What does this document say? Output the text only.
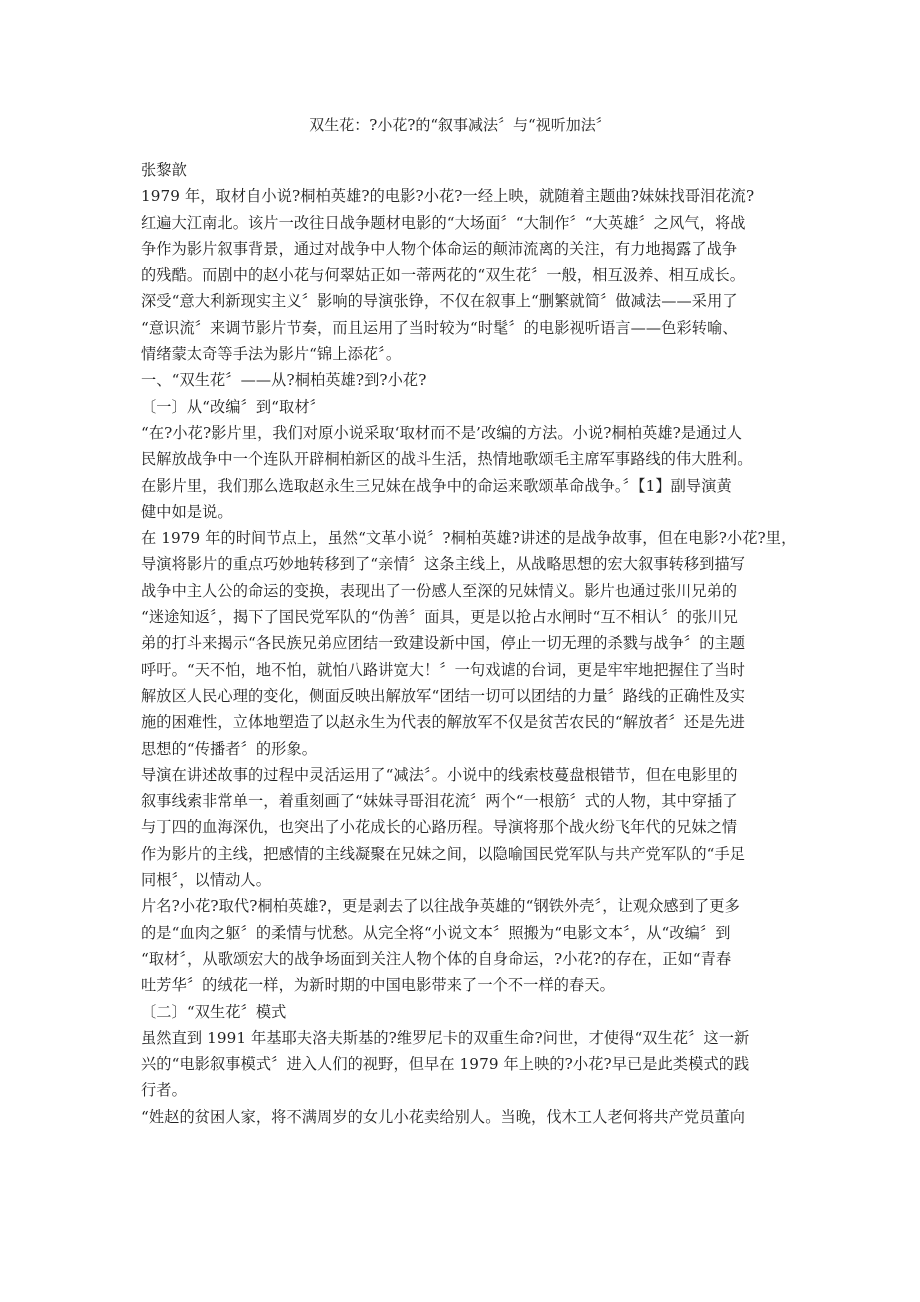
双生花：?小花?的“叙事减法〞与“视听加法〞
张黎歆
1979 年，取材自小说?桐柏英雄?的电影?小花?一经上映，就随着主题曲?妹妹找哥泪花流?
红遍大江南北。该片一改往日战争题材电影的“大场面〞“大制作〞“大英雄〞之风气，将战
争作为影片叙事背景，通过对战争中人物个体命运的颠沛流离的关注，有力地揭露了战争
的残酷。而剧中的赵小花与何翠姑正如一蒂两花的“双生花〞一般，相互汲养、相互成长。
深受“意大利新现实主义〞影响的导演张铮，不仅在叙事上“删繁就简〞做减法——采用了
“意识流〞来调节影片节奏，而且运用了当时较为“时髦〞的电影视听语言——色彩转喻、
情绪蒙太奇等手法为影片“锦上添花〞。
一、“双生花〞——从?桐柏英雄?到?小花?
〔一〕从“改编〞到“取材〞
“在?小花?影片里，我们对原小说采取‘取材而不是’改编的方法。小说?桐柏英雄?是通过人
民解放战争中一个连队开辟桐柏新区的战斗生活，热情地歌颂毛主席军事路线的伟大胜利。
在影片里，我们那么选取赵永生三兄妹在战争中的命运来歌颂革命战争。〞【1】副导演黄
健中如是说。
在 1979 年的时间节点上，虽然“文革小说〞?桐柏英雄?讲述的是战争故事，但在电影?小花?里，
导演将影片的重点巧妙地转移到了“亲情〞这条主线上，从战略思想的宏大叙事转移到描写
战争中主人公的命运的变换，表现出了一份感人至深的兄妹情义。影片也通过张川兄弟的
“迷途知返〞，揭下了国民党军队的“伪善〞面具，更是以抢占水闸时“互不相认〞的张川兄
弟的打斗来揭示“各民族兄弟应团结一致建设新中国，停止一切无理的杀戮与战争〞的主题
呼吁。“天不怕，地不怕，就怕八路讲宽大！〞一句戏谑的台词，更是牢牢地把握住了当时
解放区人民心理的变化，侧面反映出解放军“团结一切可以团结的力量〞路线的正确性及实
施的困难性，立体地塑造了以赵永生为代表的解放军不仅是贫苦农民的“解放者〞还是先进
思想的“传播者〞的形象。
导演在讲述故事的过程中灵活运用了“减法〞。小说中的线索枝蔓盘根错节，但在电影里的
叙事线索非常单一，着重刻画了“妹妹寻哥泪花流〞两个“一根筋〞式的人物，其中穿插了
与丁四的血海深仇，也突出了小花成长的心路历程。导演将那个战火纷飞年代的兄妹之情
作为影片的主线，把感情的主线凝聚在兄妹之间，以隐喻国民党军队与共产党军队的“手足
同根〞，以情动人。
片名?小花?取代?桐柏英雄?，更是剥去了以往战争英雄的“钢铁外壳〞，让观众感到了更多
的是“血肉之躯〞的柔情与忧愁。从完全将“小说文本〞照搬为“电影文本〞，从“改编〞到
“取材〞，从歌颂宏大的战争场面到关注人物个体的自身命运，?小花?的存在，正如“青春
吐芳华〞的绒花一样，为新时期的中国电影带来了一个不一样的春天。
〔二〕“双生花〞模式
虽然直到 1991 年基耶夫洛夫斯基的?维罗尼卡的双重生命?问世，才使得“双生花〞这一新
兴的“电影叙事模式〞进入人们的视野，但早在 1979 年上映的?小花?早已是此类模式的践
行者。
“姓赵的贫困人家，将不满周岁的女儿小花卖给别人。当晚，伐木工人老何将共产党员董向
